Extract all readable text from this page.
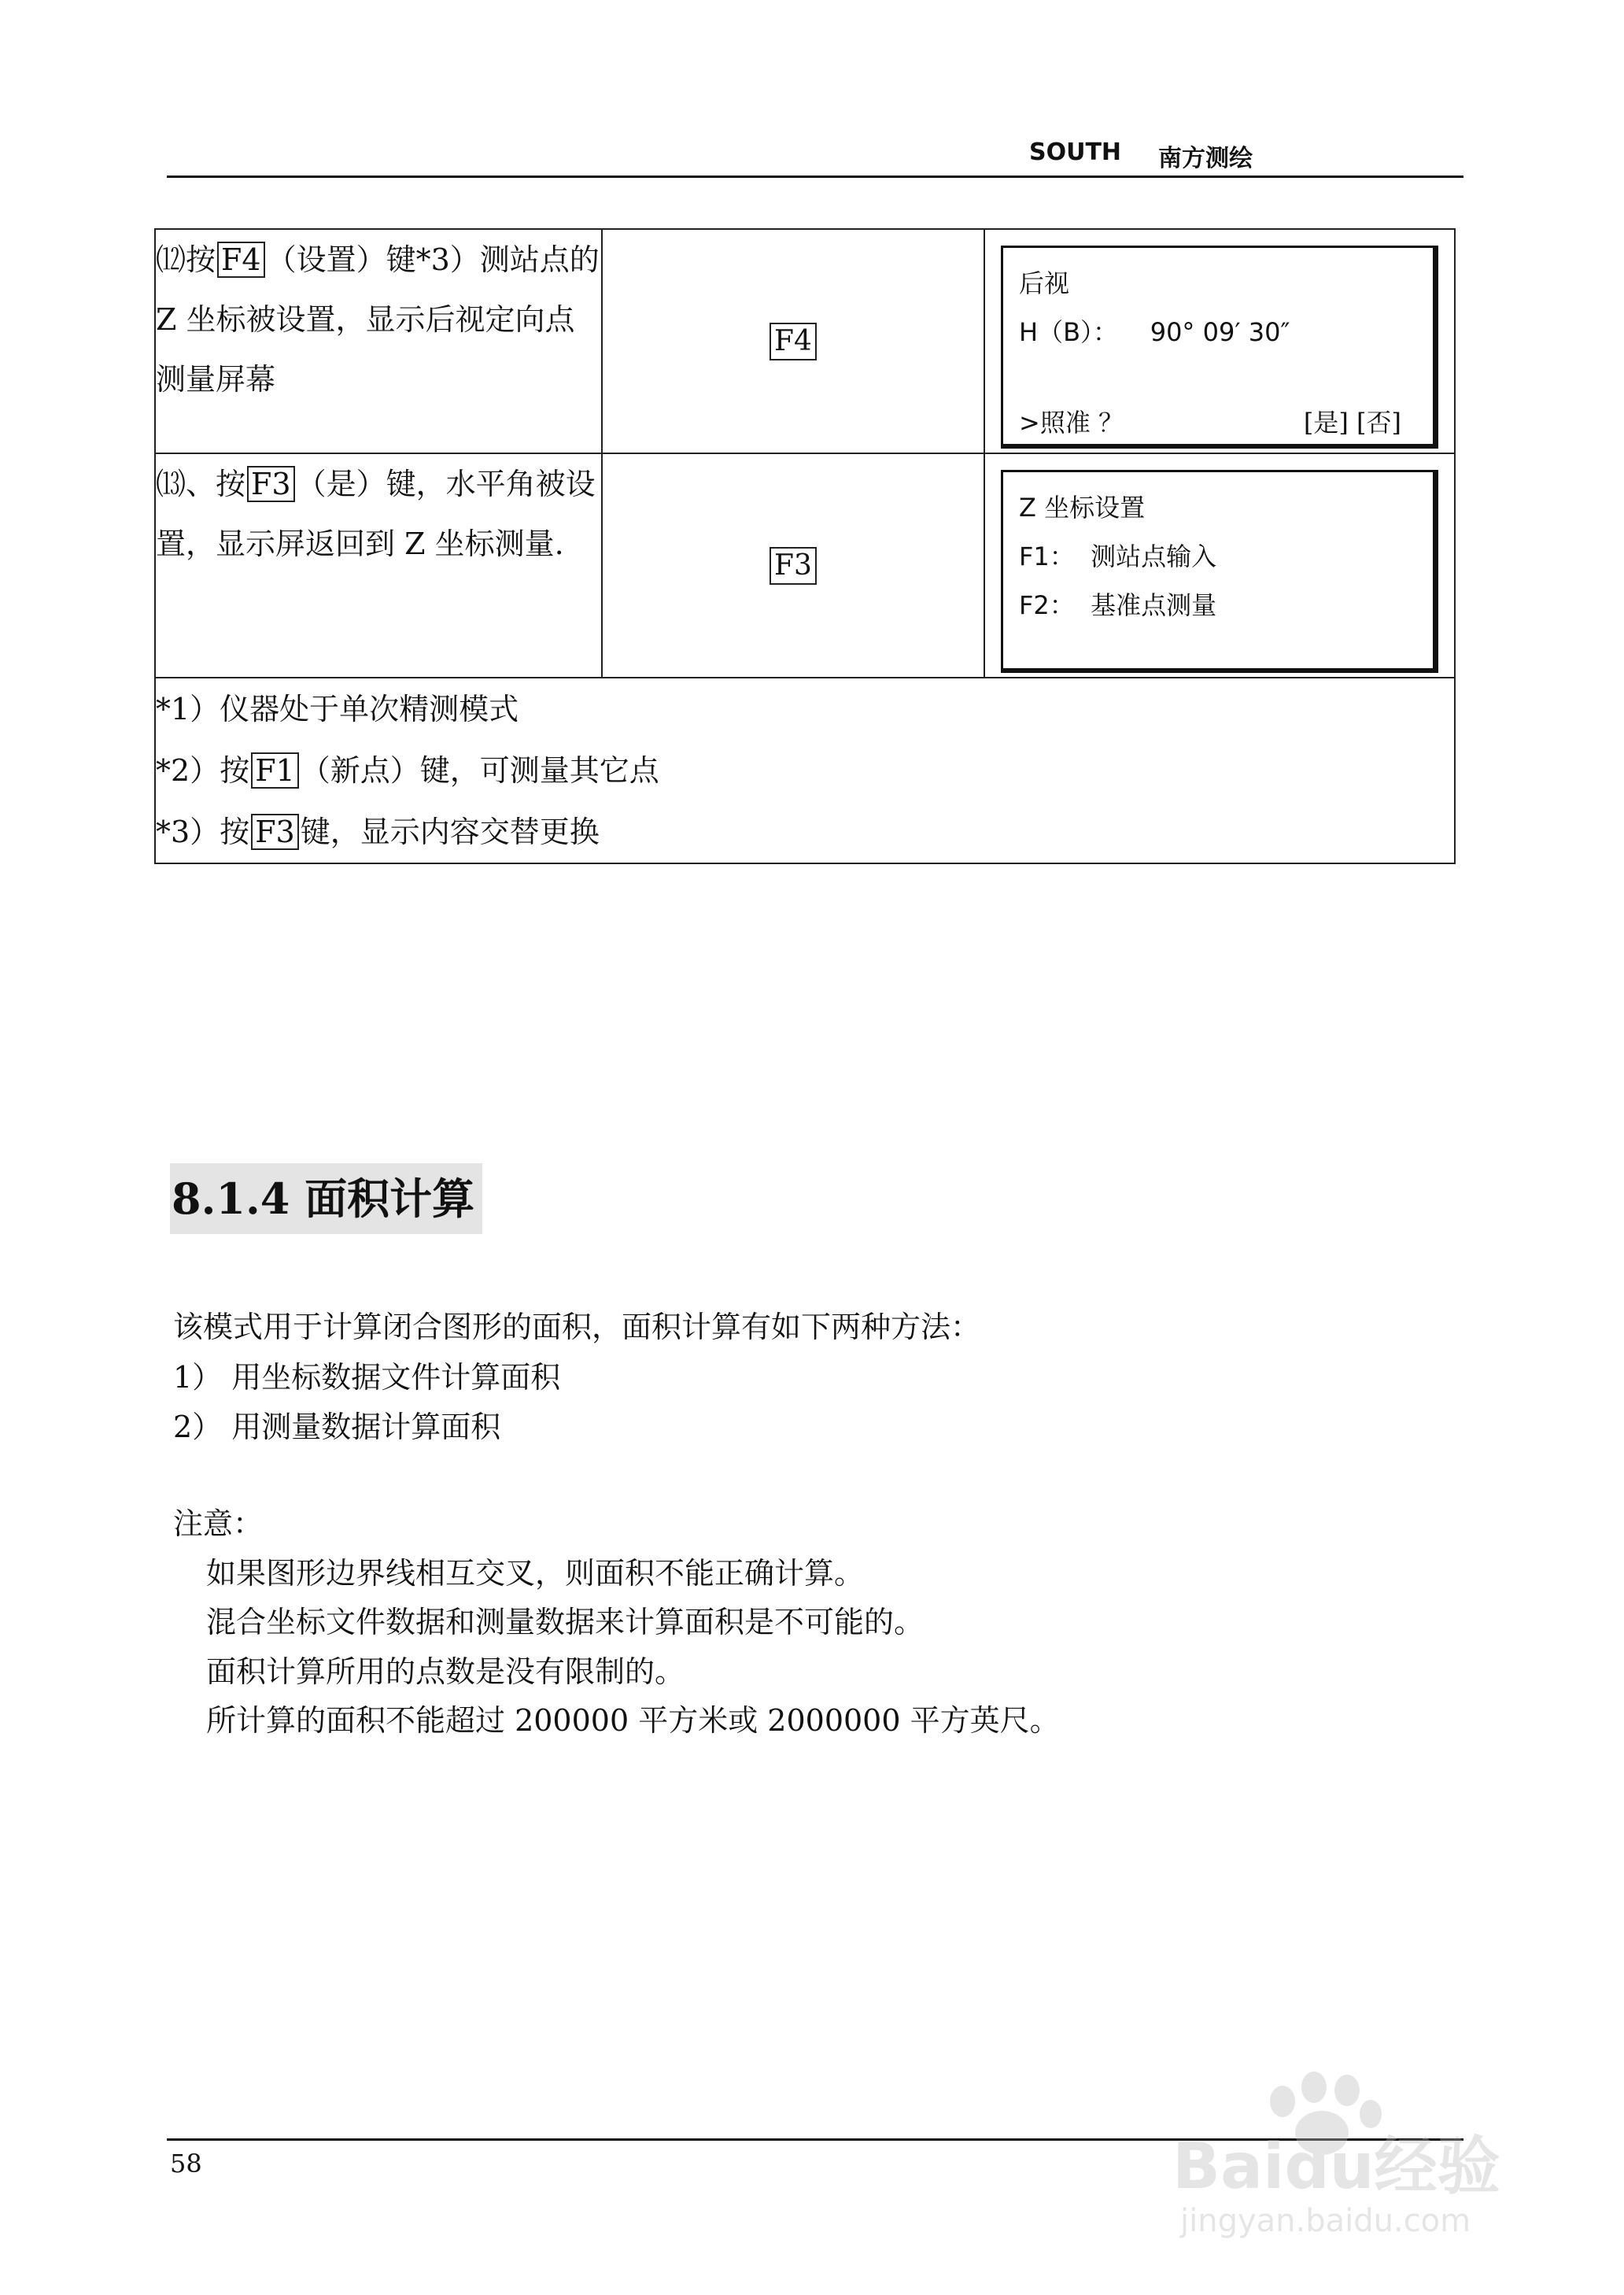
SOUTH 南方测绘
⑿按 F4 （设置）键*3）测站点的 Z 坐标被设置，显示后视定向点测量屏幕	F4	后视
H（B）：    90° 09′ 30″
>照准 ？ [是] [否]

⒀、按 F3 （是）键，水平角被设置，显示屏返回到 Z 坐标测量.	F3	Z 坐标设置
F1：  测站点输入
F2：  基准点测量

*1）仪器处于单次精测模式
*2）按 F1 （新点）键，可测量其它点
*3）按 F3 键，显示内容交替更换		
8.1.4 面积计算
该模式用于计算闭合图形的面积，面积计算有如下两种方法：
1） 用坐标数据文件计算面积
2） 用测量数据计算面积
注意：
如果图形边界线相互交叉，则面积不能正确计算。
混合坐标文件数据和测量数据来计算面积是不可能的。
面积计算所用的点数是没有限制的。
所计算的面积不能超过 200000 平方米或 2000000 平方英尺。
58	Baidu经验
jingyan.baidu.com
